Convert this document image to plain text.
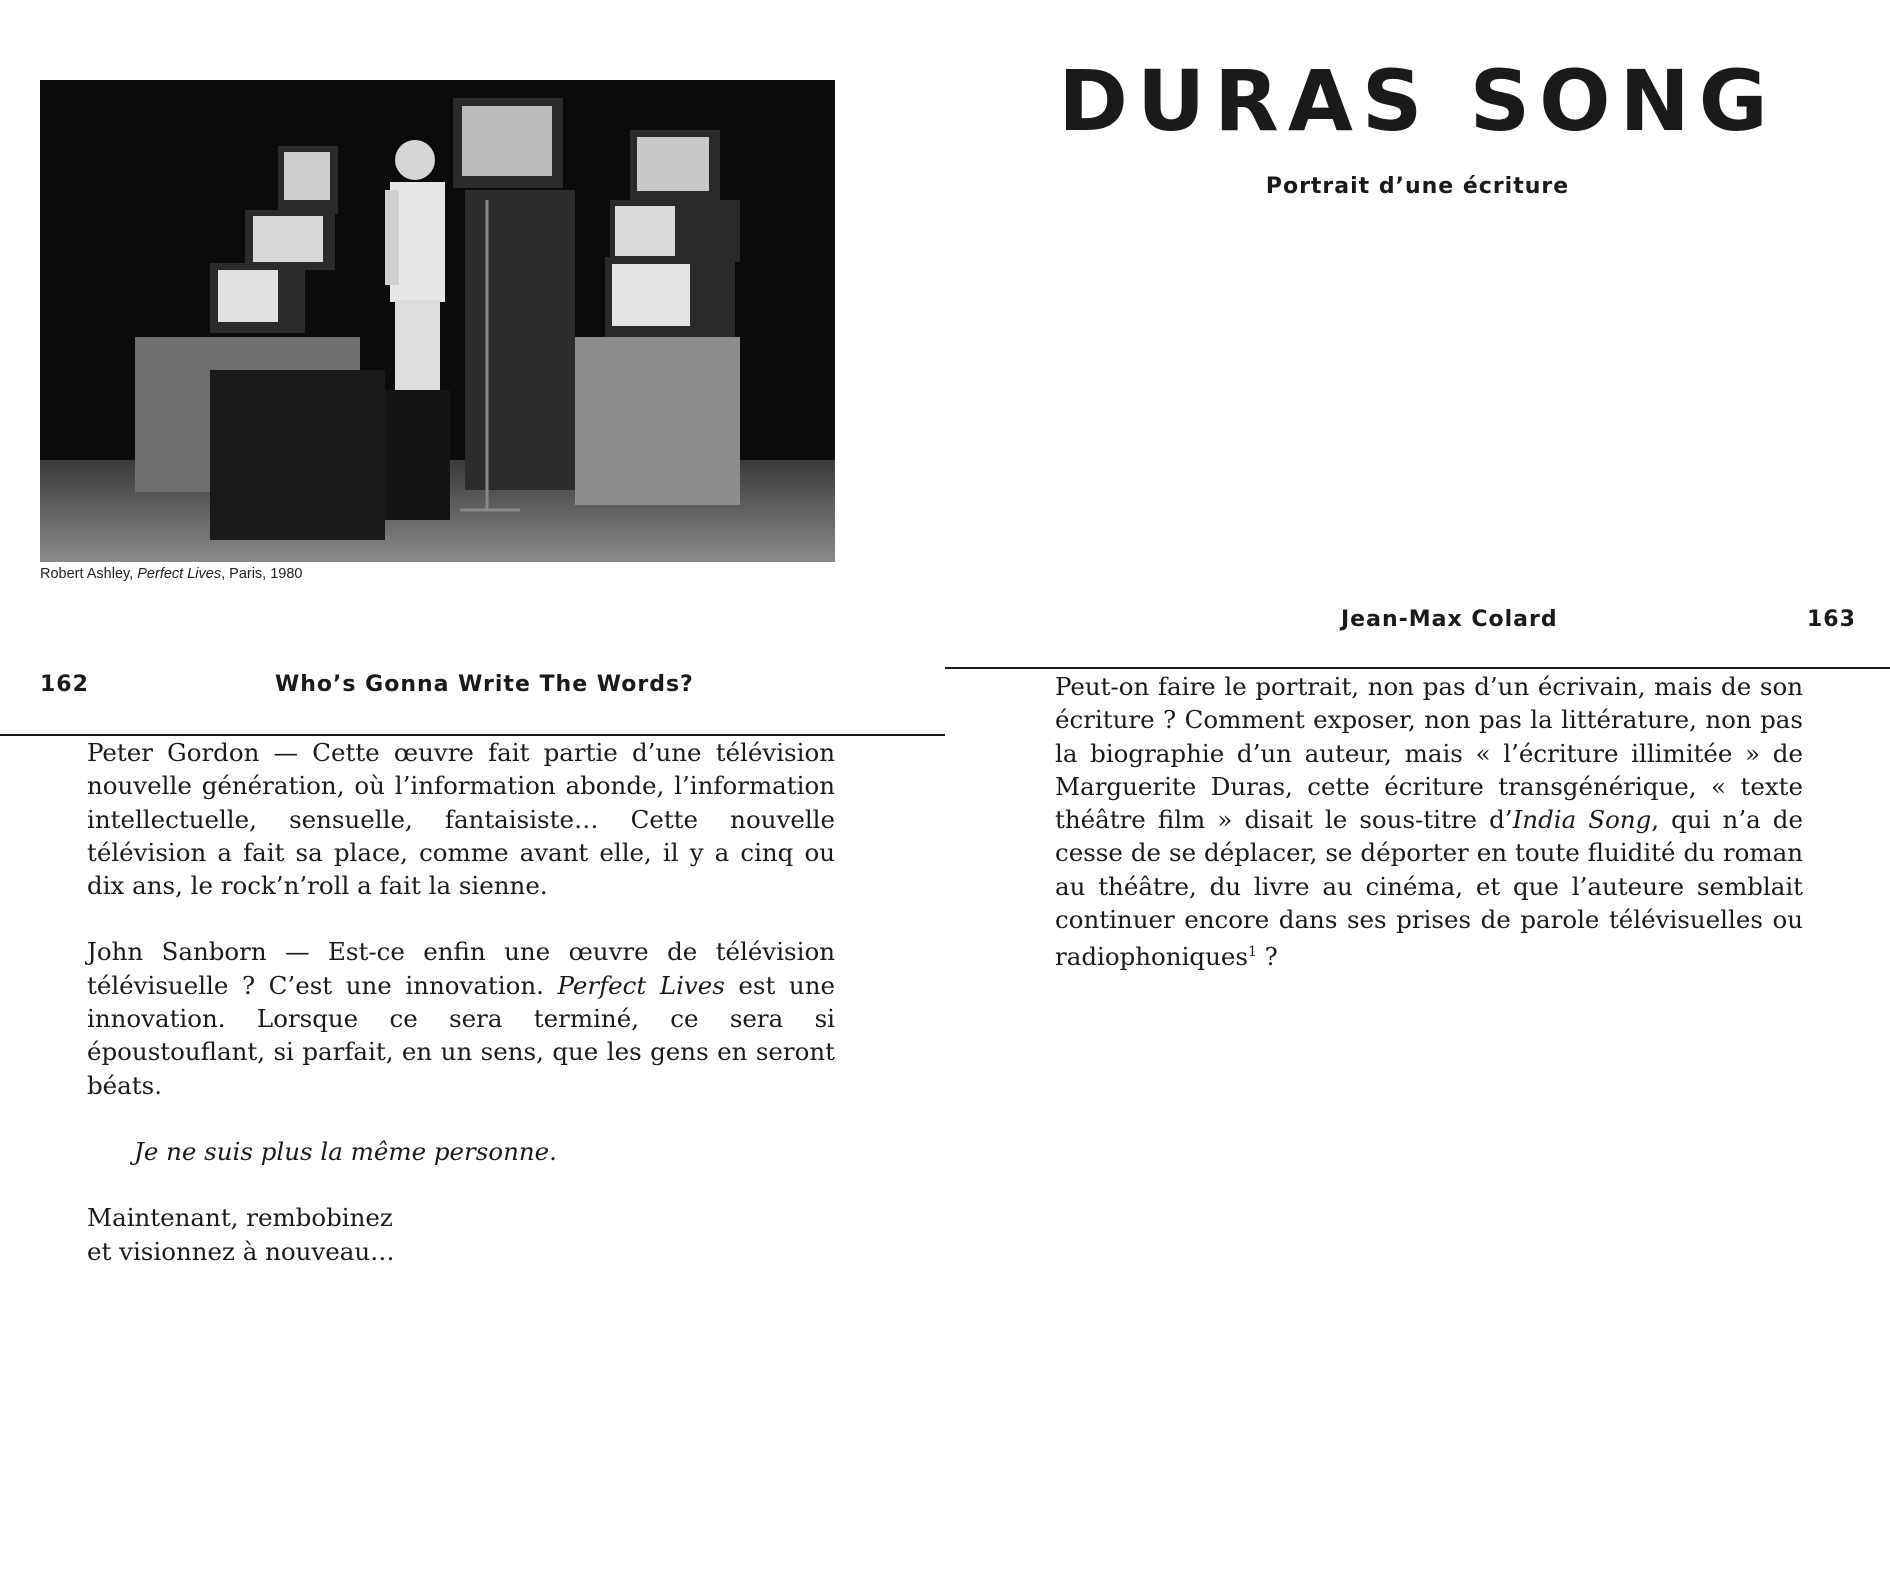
Robert Ashley, Perfect Lives, Paris, 1980
162	Who’s Gonna Write The Words?

Peter Gordon — Cette œuvre fait partie d’une télévision nouvelle génération, où l’information abonde, l’information intellectuelle, sensuelle, fantaisiste… Cette nouvelle télévision a fait sa place, comme avant elle, il y a cinq ou dix ans, le rock’n’roll a fait la sienne.

John Sanborn — Est-ce enfin une œuvre de télévision télévisuelle ? C’est une innovation. Perfect Lives est une innovation. Lorsque ce sera terminé, ce sera si époustouflant, si parfait, en un sens, que les gens en seront béats.

Je ne suis plus la même personne.

Maintenant, rembobinez

et visionnez à nouveau…

DURAS SONG
Portrait d’une écriture
Jean-Max Colard	163

Peut-on faire le portrait, non pas d’un écrivain, mais de son écriture ? Comment exposer, non pas la littérature, non pas la biographie d’un auteur, mais « l’écriture illimitée » de Marguerite Duras, cette écriture transgénérique, « texte théâtre film » disait le sous-titre d’India Song, qui n’a de cesse de se déplacer, se déporter en toute fluidité du roman au théâtre, du livre au cinéma, et que l’auteure semblait continuer encore dans ses prises de parole télévisuelles ou radiophoniques$^1$ ?
